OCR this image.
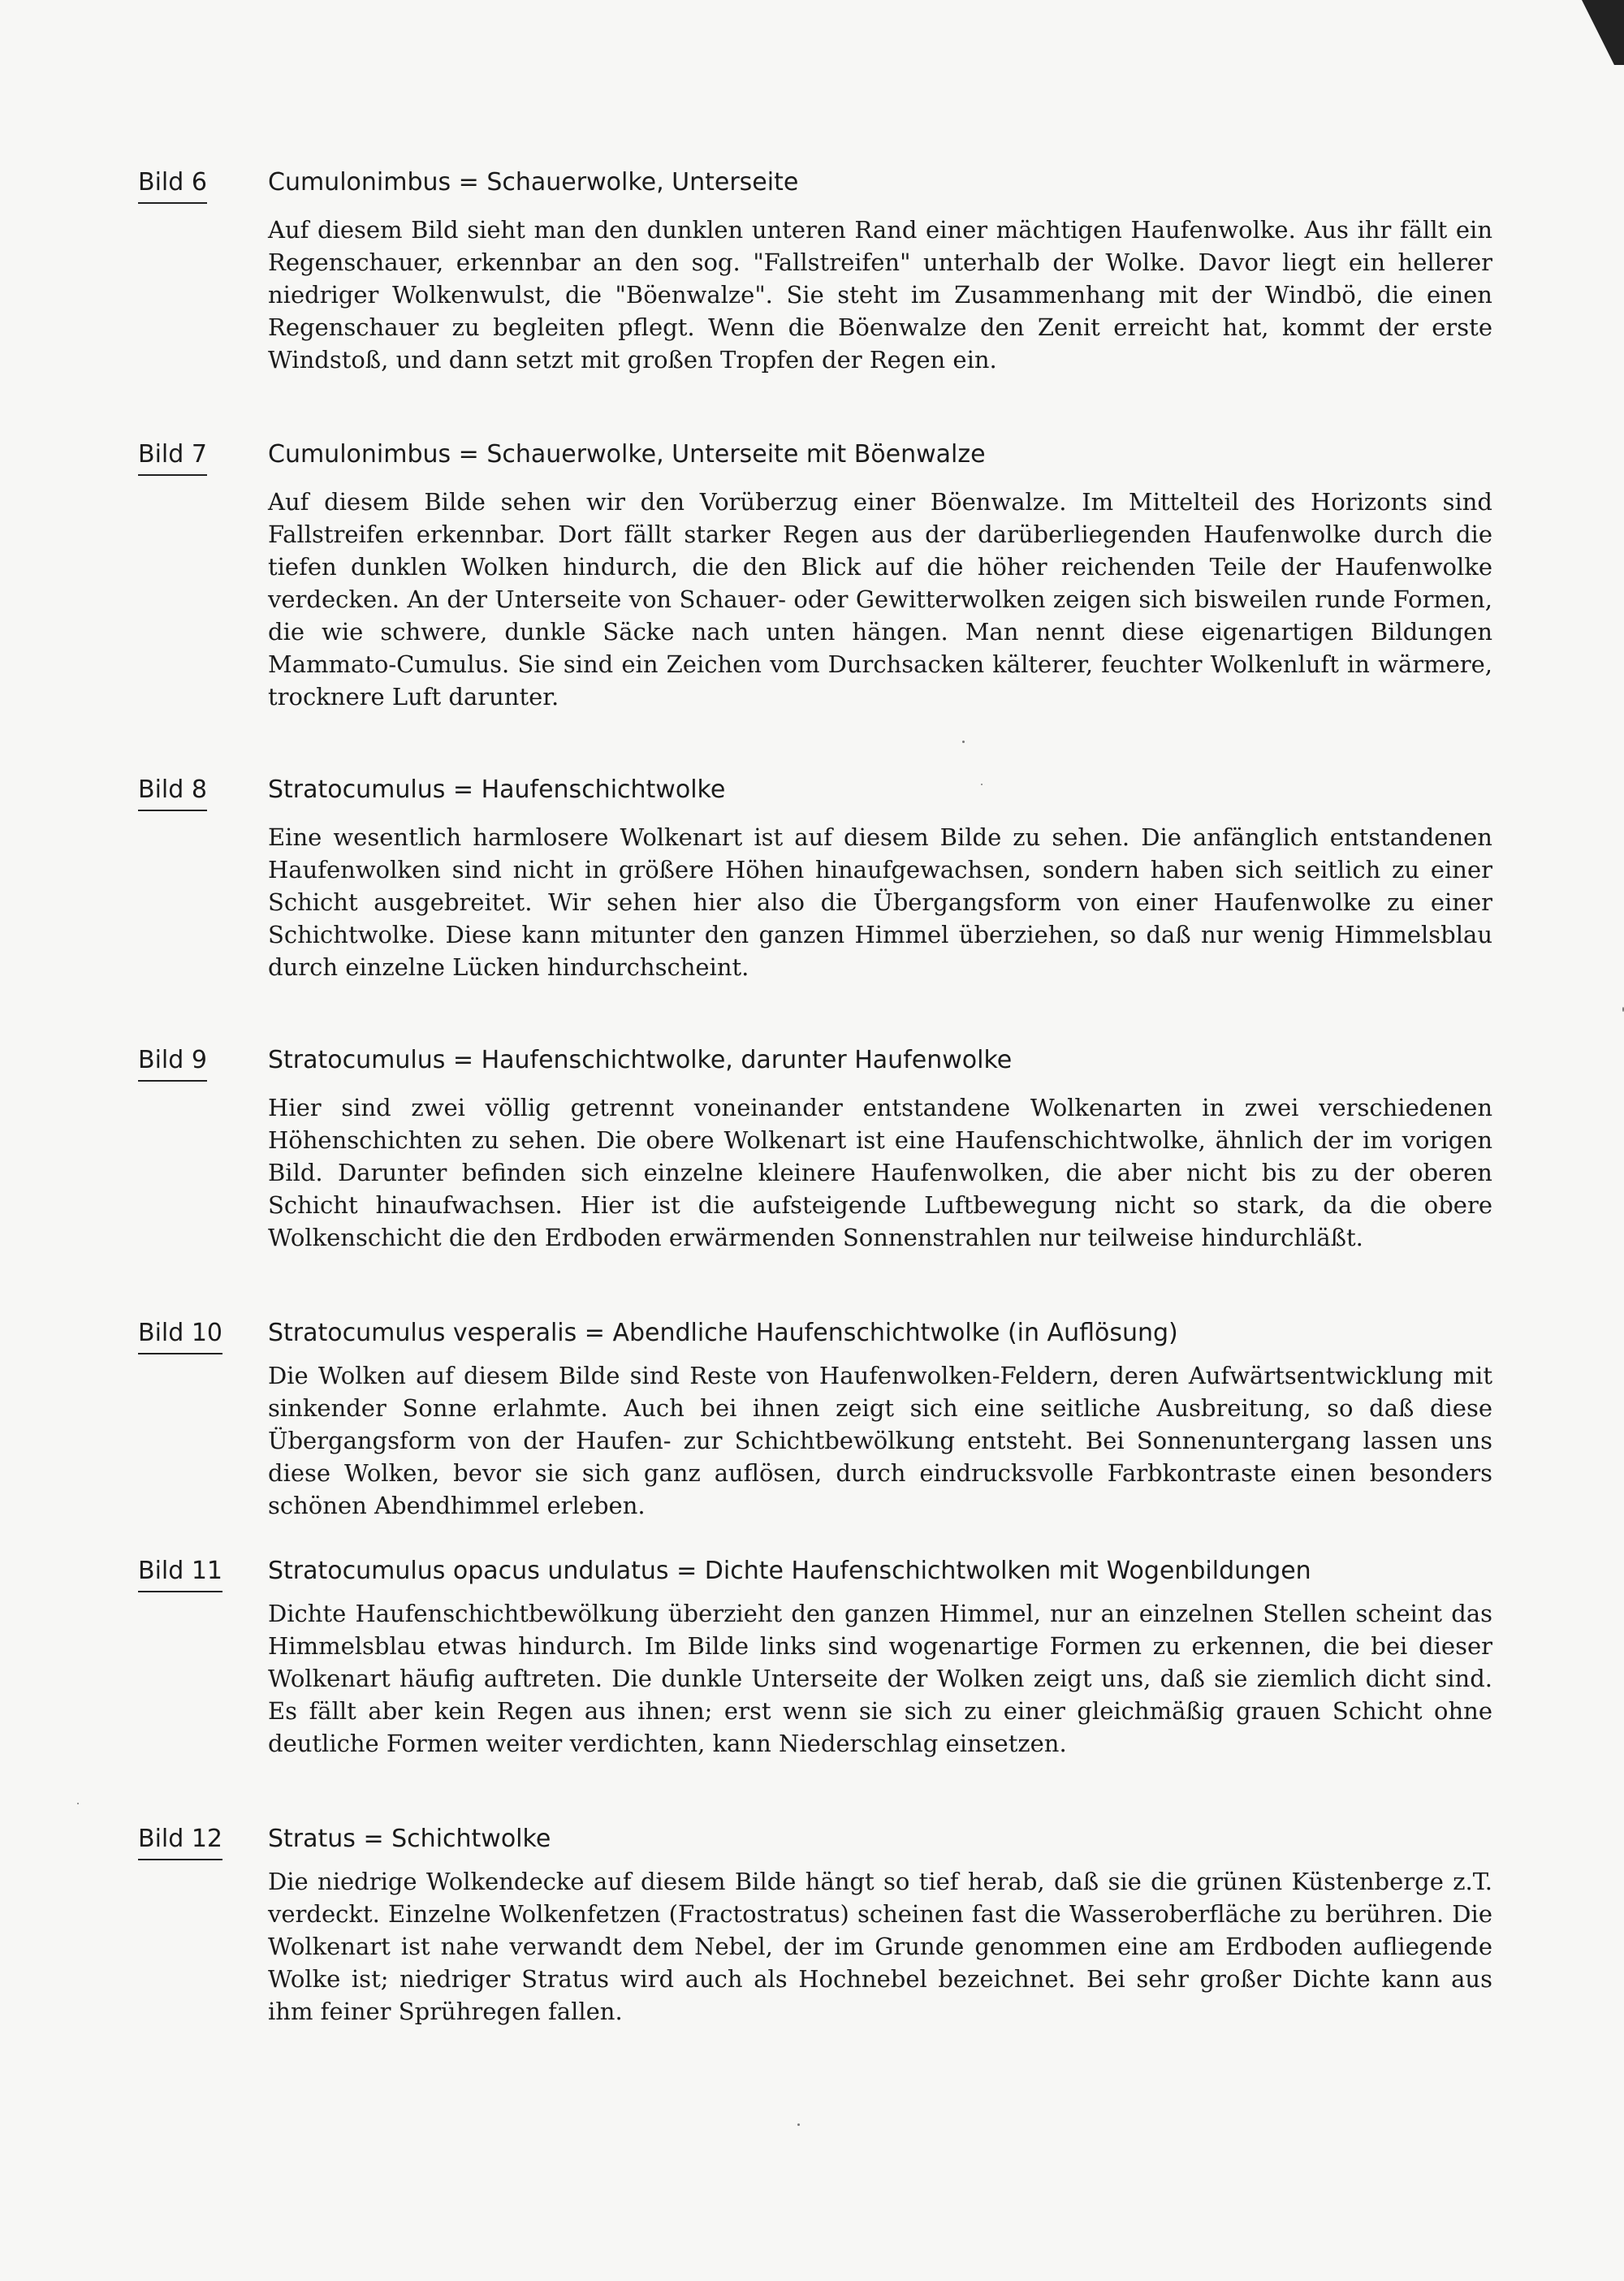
Bild 6	Cumulonimbus = Schauerwolke, Unterseite

Auf diesem Bild sieht man den dunklen unteren Rand einer mächtigen Haufenwolke. Aus ihr fällt ein Regenschauer, erkennbar an den sog. "Fallstreifen" unterhalb der Wolke. Davor liegt ein hellerer niedriger Wolkenwulst, die "Böenwalze". Sie steht im Zusammenhang mit der Windbö, die einen Regenschauer zu begleiten pflegt. Wenn die Böenwalze den Zenit erreicht hat, kommt der erste Windstoß, und dann setzt mit großen Tropfen der Regen ein.

Bild 7	Cumulonimbus = Schauerwolke, Unterseite mit Böenwalze

Auf diesem Bilde sehen wir den Vorüberzug einer Böenwalze. Im Mittelteil des Horizonts sind Fallstreifen erkennbar. Dort fällt starker Regen aus der darüberliegenden Haufenwolke durch die tiefen dunklen Wolken hindurch, die den Blick auf die höher reichenden Teile der Haufenwolke verdecken. An der Unterseite von Schauer- oder Gewitterwolken zeigen sich bisweilen runde Formen, die wie schwere, dunkle Säcke nach unten hängen. Man nennt diese eigenartigen Bildungen Mammato-Cumulus. Sie sind ein Zeichen vom Durchsacken kälterer, feuchter Wolkenluft in wärmere, trocknere Luft darunter.

Bild 8	Stratocumulus = Haufenschichtwolke

Eine wesentlich harmlosere Wolkenart ist auf diesem Bilde zu sehen. Die anfänglich entstandenen Haufenwolken sind nicht in größere Höhen hinaufgewachsen, sondern haben sich seitlich zu einer Schicht ausgebreitet. Wir sehen hier also die Übergangsform von einer Haufenwolke zu einer Schichtwolke. Diese kann mitunter den ganzen Himmel überziehen, so daß nur wenig Himmelsblau durch einzelne Lücken hindurchscheint.

Bild 9	Stratocumulus = Haufenschichtwolke, darunter Haufenwolke

Hier sind zwei völlig getrennt voneinander entstandene Wolkenarten in zwei verschiedenen Höhenschichten zu sehen. Die obere Wolkenart ist eine Haufenschichtwolke, ähnlich der im vorigen Bild. Darunter befinden sich einzelne kleinere Haufenwolken, die aber nicht bis zu der oberen Schicht hinaufwachsen. Hier ist die aufsteigende Luftbewegung nicht so stark, da die obere Wolkenschicht die den Erdboden erwärmenden Sonnenstrahlen nur teilweise hindurchläßt.

Bild 10 Stratocumulus vesperalis = Abendliche Haufenschichtwolke (in Auflösung)

Die Wolken auf diesem Bilde sind Reste von Haufenwolken-Feldern, deren Aufwärtsentwicklung mit sinkender Sonne erlahmte. Auch bei ihnen zeigt sich eine seitliche Ausbreitung, so daß diese Übergangsform von der Haufen- zur Schichtbewölkung entsteht. Bei Sonnenuntergang lassen uns diese Wolken, bevor sie sich ganz auflösen, durch eindrucksvolle Farbkontraste einen besonders schönen Abendhimmel erleben.

Bild 11 Stratocumulus opacus undulatus = Dichte Haufenschichtwolken mit Wogenbildungen

Dichte Haufenschichtbewölkung überzieht den ganzen Himmel, nur an einzelnen Stellen scheint das Himmelsblau etwas hindurch. Im Bilde links sind wogenartige Formen zu erkennen, die bei dieser Wolkenart häufig auftreten. Die dunkle Unterseite der Wolken zeigt uns, daß sie ziemlich dicht sind. Es fällt aber kein Regen aus ihnen; erst wenn sie sich zu einer gleichmäßig grauen Schicht ohne deutliche Formen weiter verdichten, kann Niederschlag einsetzen.

Bild 12 Stratus = Schichtwolke

Die niedrige Wolkendecke auf diesem Bilde hängt so tief herab, daß sie die grünen Küstenberge z.T. verdeckt. Einzelne Wolkenfetzen (Fractostratus) scheinen fast die Wasseroberfläche zu berühren. Die Wolkenart ist nahe verwandt dem Nebel, der im Grunde genommen eine am Erdboden aufliegende Wolke ist; niedriger Stratus wird auch als Hochnebel bezeichnet. Bei sehr großer Dichte kann aus ihm feiner Sprühregen fallen.
